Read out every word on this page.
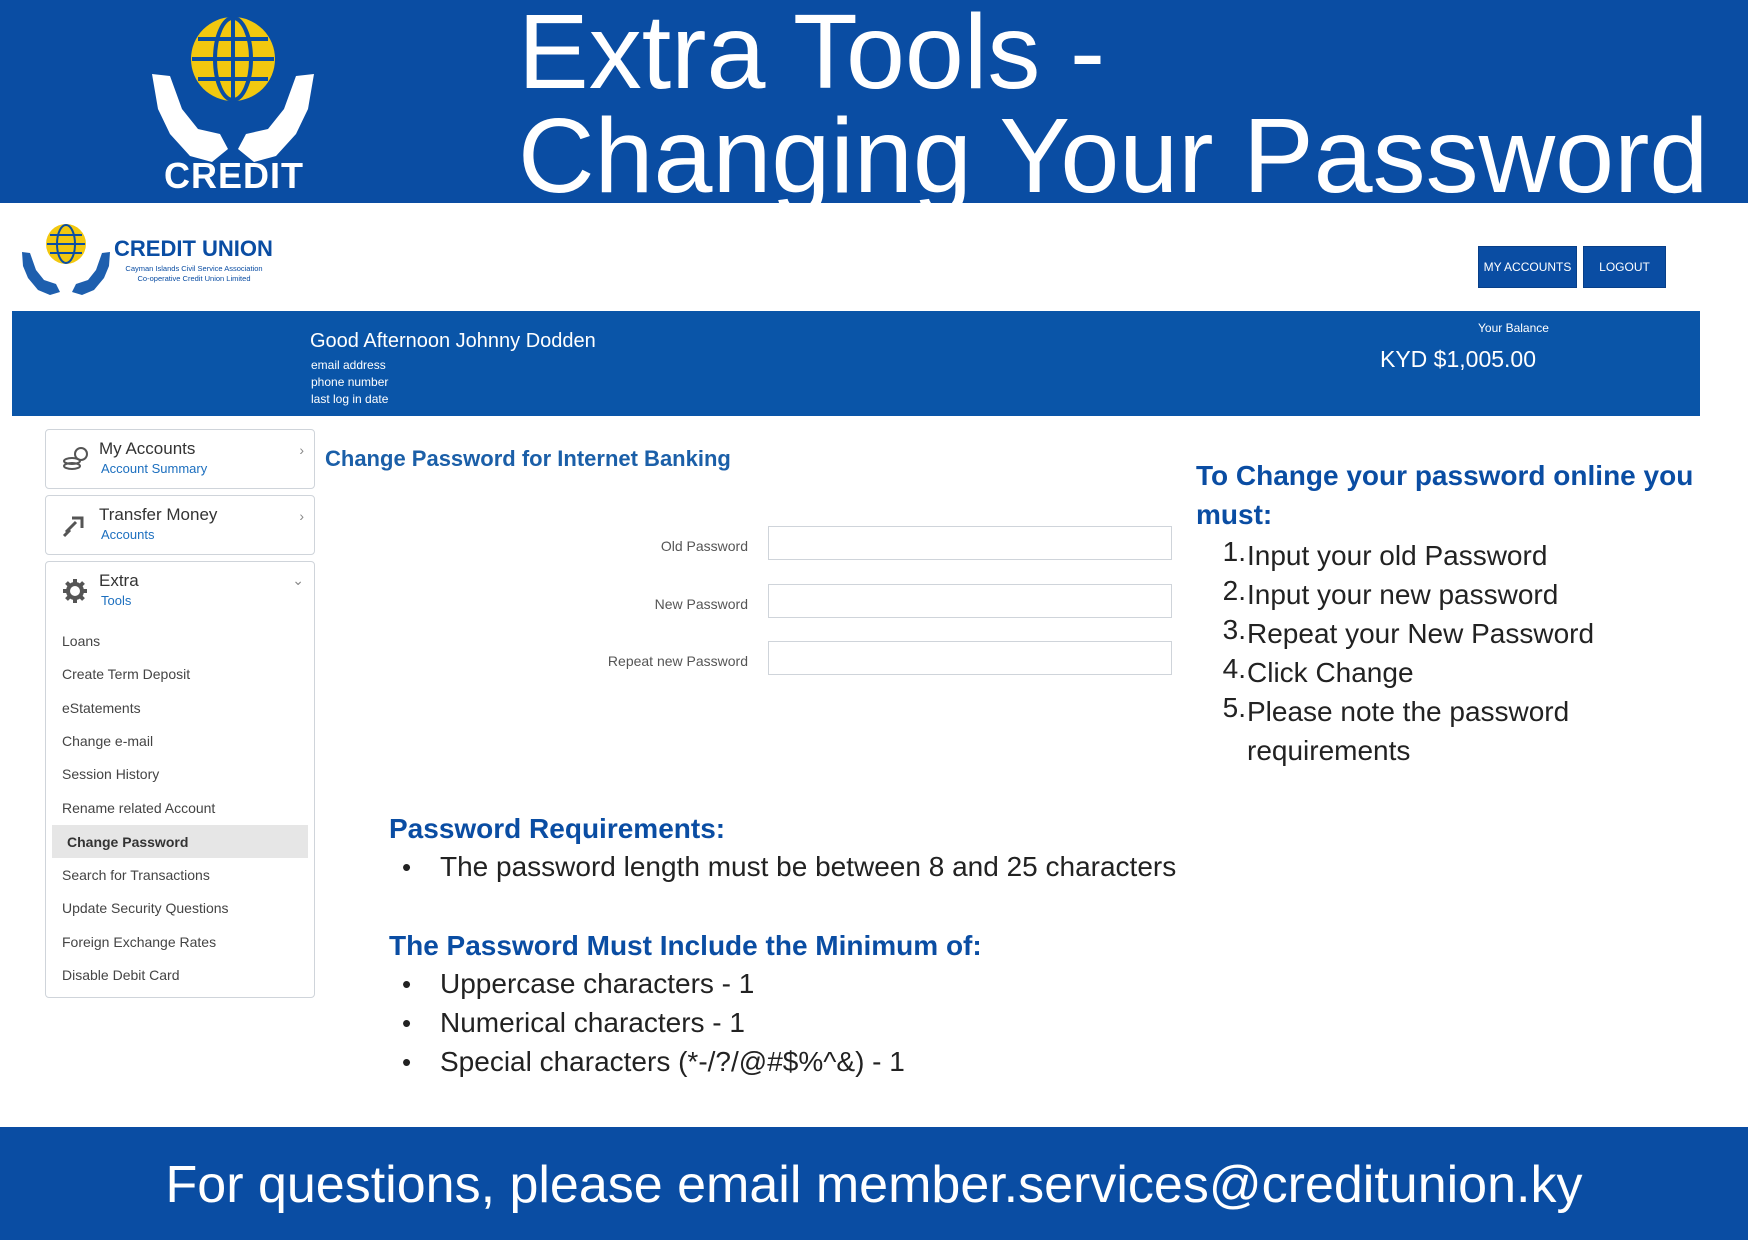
CREDIT UNION
Extra Tools -
Changing Your Password
CREDIT UNION
Cayman Islands Civil Service Association
Co-operative Credit Union Limited
MY ACCOUNTS	LOGOUT
Good Afternoon Johnny Dodden
email address
phone number
last log in date
Your Balance
KYD $1,005.00
My Accounts
Account Summary
›
Transfer Money
Accounts
›
Extra
Tools
⌄
Loans
Create Term Deposit
eStatements
Change e-mail
Session History
Rename related Account
Change Password
Search for Transactions
Update Security Questions
Foreign Exchange Rates
Disable Debit Card
Change Password for Internet Banking
Old Password
New Password
Repeat new Password
To Change your password online you must:
1. Input your old Password
2. Input your new password
3. Repeat your New Password
4. Click Change
5. Please note the password requirements
Password Requirements:
• The password length must be between 8 and 25 characters
The Password Must Include the Minimum of:
• Uppercase characters - 1
• Numerical characters - 1
• Special characters (*-/?/@#$%^&) - 1
For questions, please email member.services@creditunion.ky
